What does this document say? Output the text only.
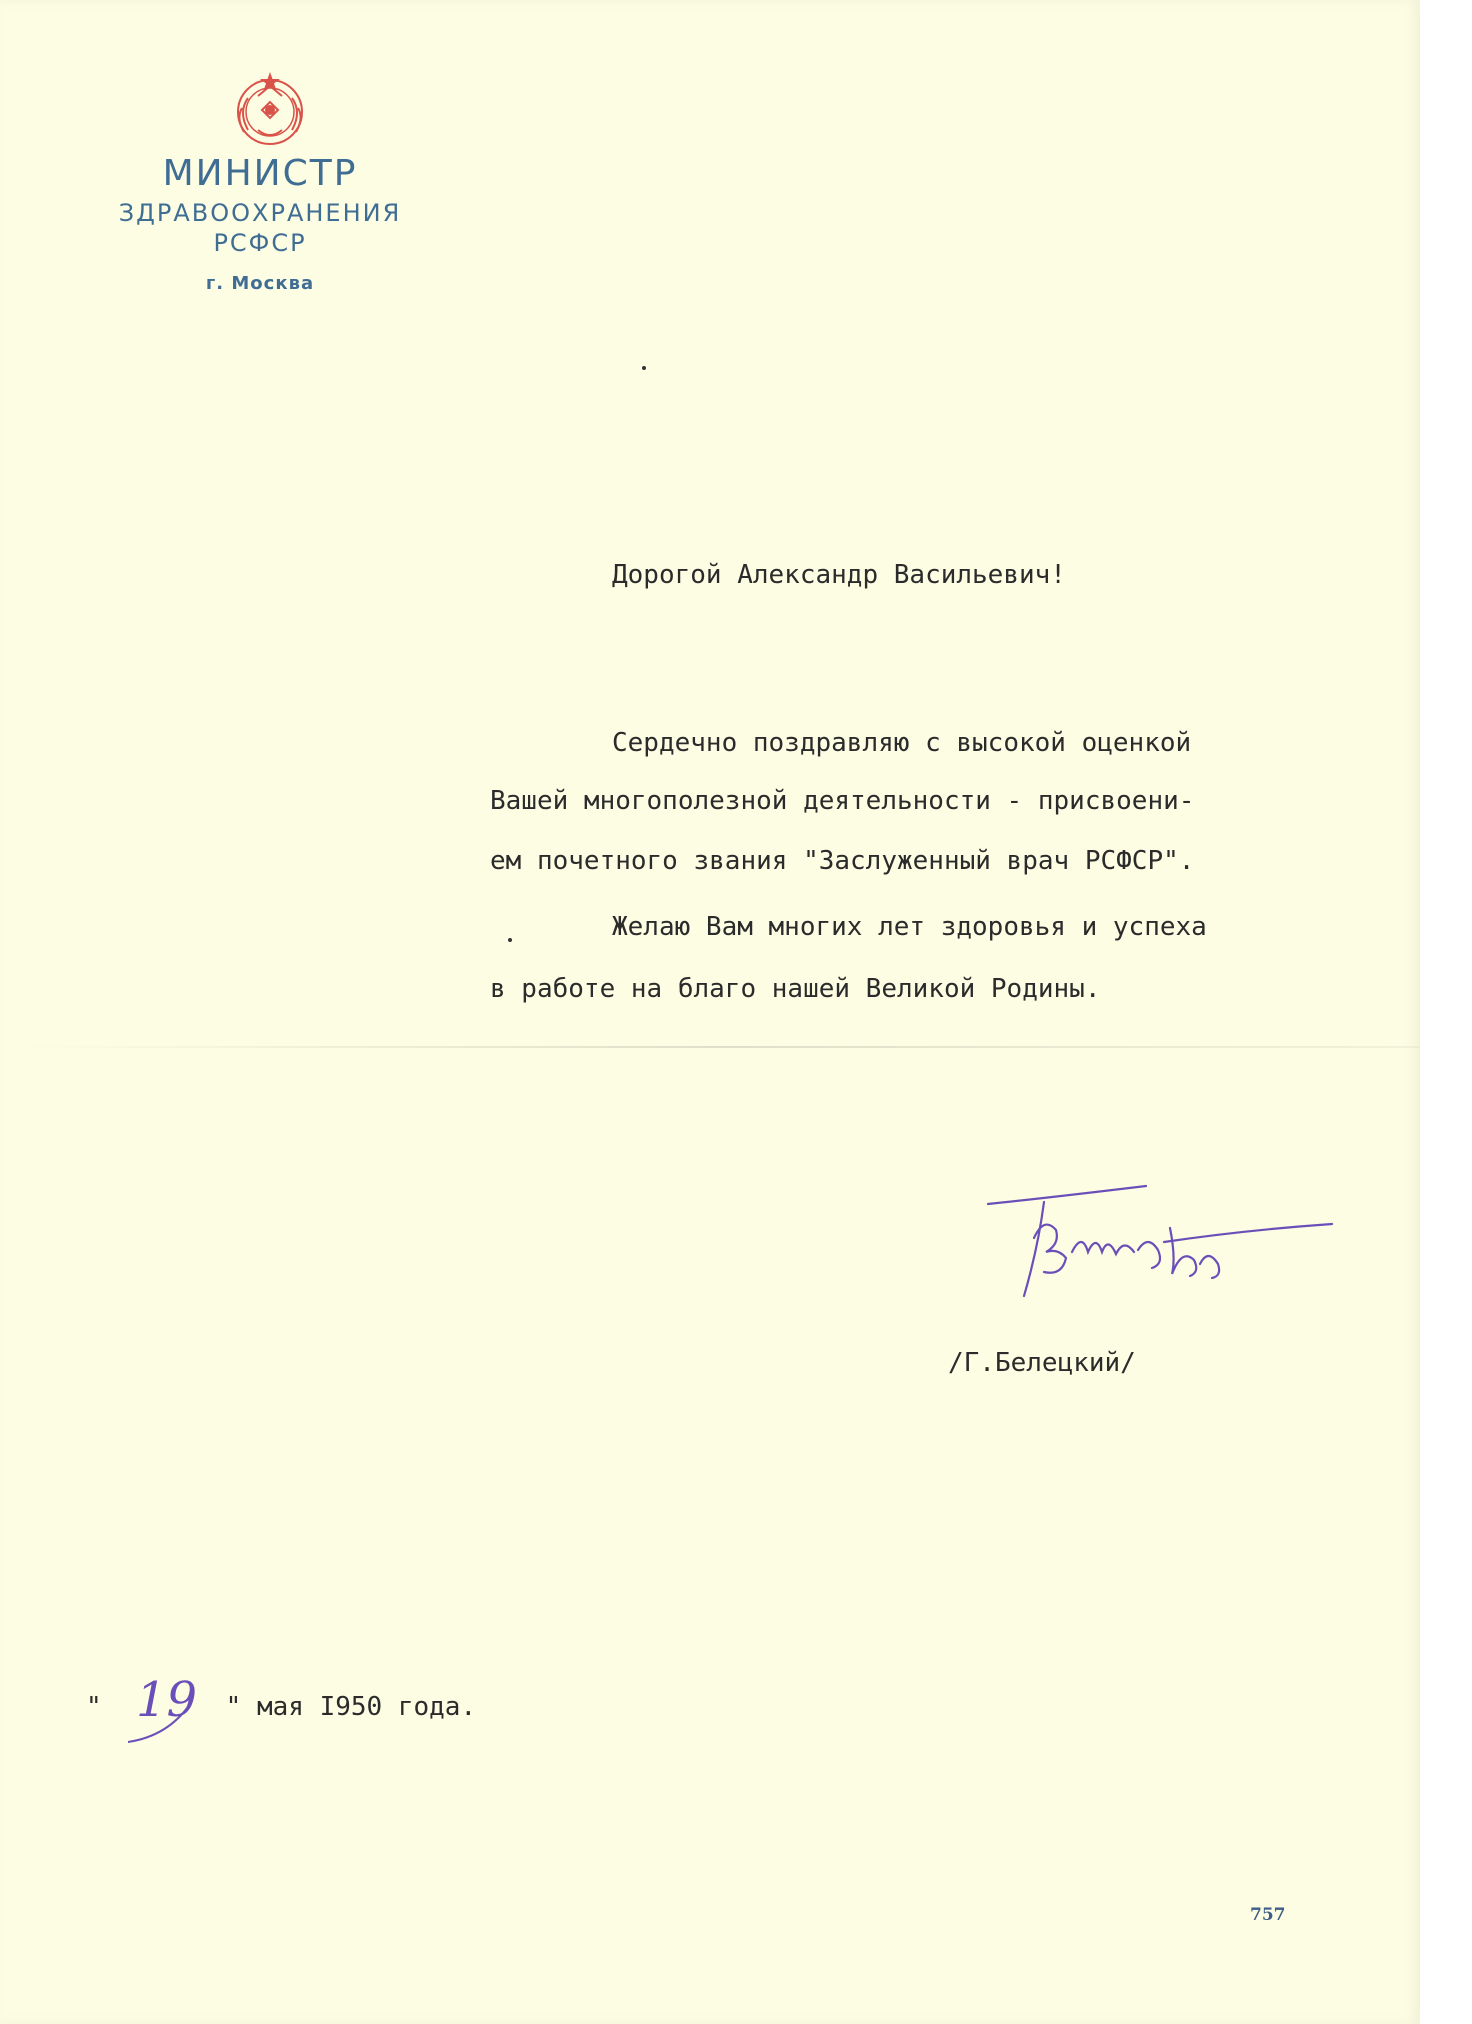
МИНИСТР
ЗДРАВООХРАНЕНИЯ
РСФСР
г. Москва
Дорогой Александр Васильевич!
Сердечно поздравляю с высокой оценкой
Вашей многополезной деятельности - присвоени-
ем почетного звания "Заслуженный врач РСФСР".
Желаю Вам многих лет здоровья и успеха
в работе на благо нашей Великой Родины.
/Г.Белецкий/
"	" мая I950 года.
19
757
